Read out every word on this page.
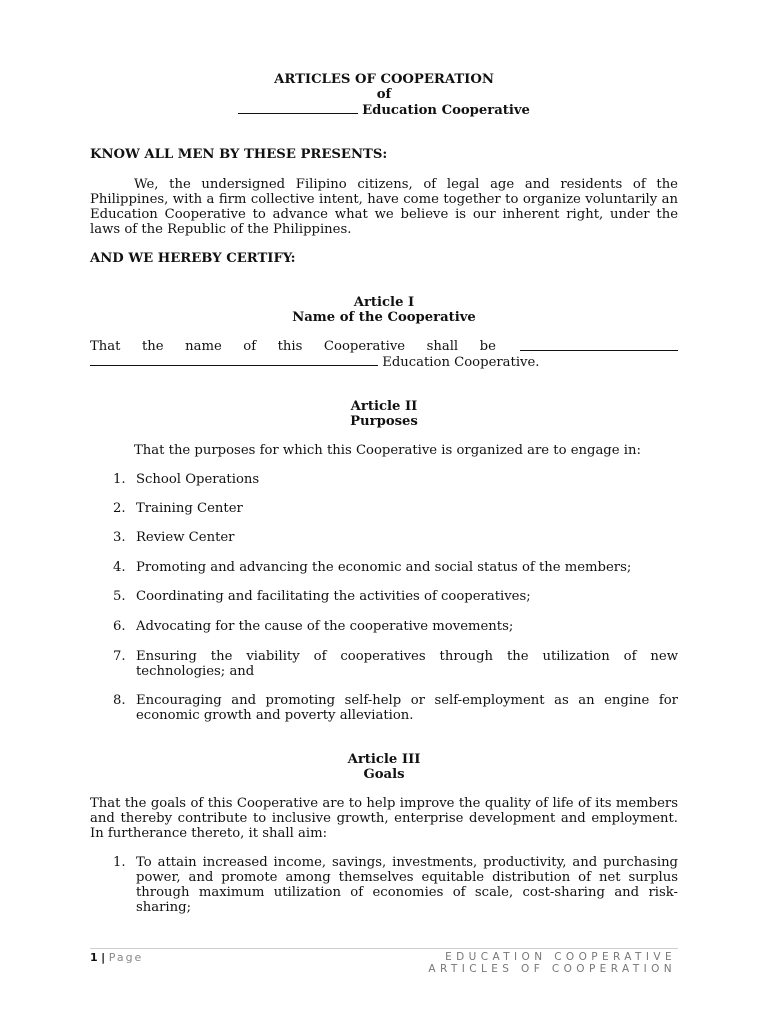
ARTICLES OF COOPERATION

of

Education Cooperative

KNOW ALL MEN BY THESE PRESENTS:

We, the undersigned Filipino citizens, of legal age and residents of the Philippines, with a firm collective intent, have come together to organize voluntarily an Education Cooperative to advance what we believe is our inherent right, under the laws of the Republic of the Philippines.

AND WE HEREBY CERTIFY:

Article I

Name of the Cooperative

That the name of this Cooperative shall be

Education Cooperative.

Article II

Purposes

That the purposes for which this Cooperative is organized are to engage in:

1. School Operations
2. Training Center
3. Review Center
4. Promoting and advancing the economic and social status of the members;
5. Coordinating and facilitating the activities of cooperatives;
6. Advocating for the cause of the cooperative movements;
7. Ensuring the viability of cooperatives through the utilization of new technologies; and
8. Encouraging and promoting self-help or self-employment as an engine for economic growth and poverty alleviation.

Article III

Goals

That the goals of this Cooperative are to help improve the quality of life of its members and thereby contribute to inclusive growth, enterprise development and employment.    In furtherance thereto, it shall aim:

1. To attain increased income, savings, investments, productivity, and purchasing power, and promote among themselves equitable distribution of net surplus through maximum utilization of economies of scale, cost-sharing and risk-sharing;
1 | Page	EDUCATION COOPERATIVE
ARTICLES OF COOPERATION
